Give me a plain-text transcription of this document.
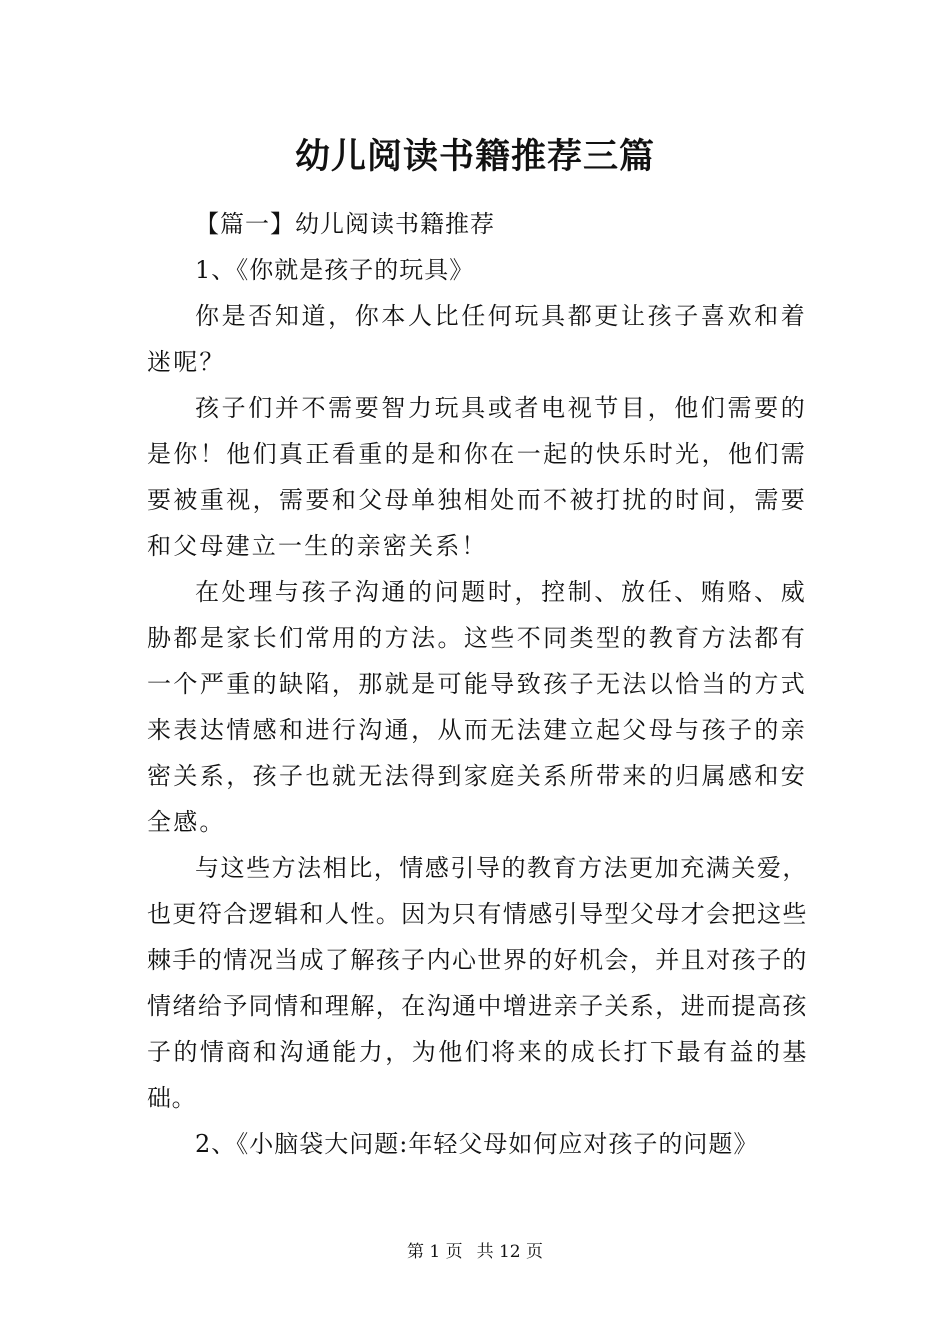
幼儿阅读书籍推荐三篇

【篇一】幼儿阅读书籍推荐

1、《你就是孩子的玩具》

你是否知道，你本人比任何玩具都更让孩子喜欢和着迷呢？

孩子们并不需要智力玩具或者电视节目，他们需要的是你！他们真正看重的是和你在一起的快乐时光，他们需要被重视，需要和父母单独相处而不被打扰的时间，需要和父母建立一生的亲密关系！

在处理与孩子沟通的问题时，控制、放任、贿赂、威胁都是家长们常用的方法。这些不同类型的教育方法都有一个严重的缺陷，那就是可能导致孩子无法以恰当的方式来表达情感和进行沟通，从而无法建立起父母与孩子的亲密关系，孩子也就无法得到家庭关系所带来的归属感和安全感。

与这些方法相比，情感引导的教育方法更加充满关爱，也更符合逻辑和人性。因为只有情感引导型父母才会把这些棘手的情况当成了解孩子内心世界的好机会，并且对孩子的情绪给予同情和理解，在沟通中增进亲子关系，进而提高孩子的情商和沟通能力，为他们将来的成长打下最有益的基础。

2、《小脑袋大问题:年轻父母如何应对孩子的问题》

第 1 页 共 12 页
